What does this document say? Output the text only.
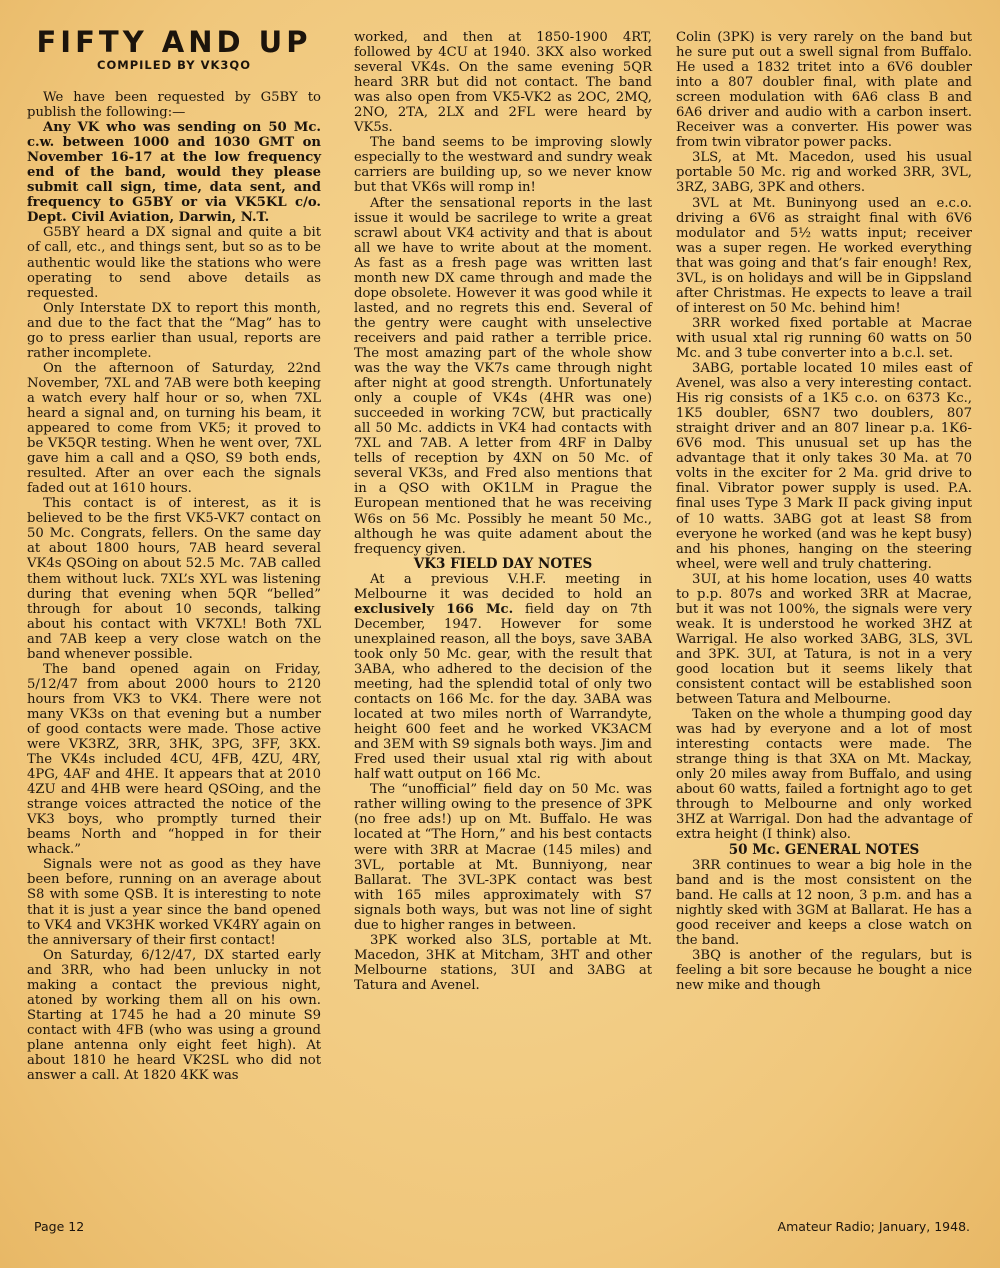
FIFTY AND UP
COMPILED BY VK3QO

We have been requested by G5BY to publish the following:—

Any VK who was sending on 50 Mc. c.w. between 1000 and 1030 GMT on November 16-17 at the low frequency end of the band, would they please submit call sign, time, data sent, and frequency to G5BY or via VK5KL c/o. Dept. Civil Aviation, Darwin, N.T.

G5BY heard a DX signal and quite a bit of call, etc., and things sent, but so as to be authentic would like the stations who were operating to send above details as requested.

Only Interstate DX to report this month, and due to the fact that the “Mag” has to go to press earlier than usual, reports are rather incomplete.

On the afternoon of Saturday, 22nd November, 7XL and 7AB were both keeping a watch every half hour or so, when 7XL heard a signal and, on turning his beam, it appeared to come from VK5; it proved to be VK5QR testing. When he went over, 7XL gave him a call and a QSO, S9 both ends, resulted. After an over each the signals faded out at 1610 hours.

This contact is of interest, as it is believed to be the first VK5-VK7 contact on 50 Mc. Congrats, fellers. On the same day at about 1800 hours, 7AB heard several VK4s QSOing on about 52.5 Mc. 7AB called them without luck. 7XL’s XYL was listening during that evening when 5QR “belled” through for about 10 seconds, talking about his contact with VK7XL! Both 7XL and 7AB keep a very close watch on the band whenever possible.

The band opened again on Friday, 5/12/47 from about 2000 hours to 2120 hours from VK3 to VK4. There were not many VK3s on that evening but a number of good contacts were made. Those active were VK3RZ, 3RR, 3HK, 3PG, 3FF, 3KX. The VK4s included 4CU, 4FB, 4ZU, 4RY, 4PG, 4AF and 4HE. It appears that at 2010 4ZU and 4HB were heard QSOing, and the strange voices attracted the notice of the VK3 boys, who promptly turned their beams North and “hopped in for their whack.”

Signals were not as good as they have been before, running on an average about S8 with some QSB. It is interesting to note that it is just a year since the band opened to VK4 and VK3HK worked VK4RY again on the anniversary of their first contact!

On Saturday, 6/12/47, DX started early and 3RR, who had been unlucky in not making a contact the previous night, atoned by working them all on his own. Starting at 1745 he had a 20 minute S9 contact with 4FB (who was using a ground plane antenna only eight feet high). At about 1810 he heard VK2SL who did not answer a call. At 1820 4KK was

worked, and then at 1850-1900 4RT, followed by 4CU at 1940. 3KX also worked several VK4s. On the same evening 5QR heard 3RR but did not contact. The band was also open from VK5-VK2 as 2OC, 2MQ, 2NO, 2TA, 2LX and 2FL were heard by VK5s.

The band seems to be improving slowly especially to the westward and sundry weak carriers are building up, so we never know but that VK6s will romp in!

After the sensational reports in the last issue it would be sacrilege to write a great scrawl about VK4 activity and that is about all we have to write about at the moment. As fast as a fresh page was written last month new DX came through and made the dope obsolete. However it was good while it lasted, and no regrets this end. Several of the gentry were caught with unselective receivers and paid rather a terrible price. The most amazing part of the whole show was the way the VK7s came through night after night at good strength. Unfortunately only a couple of VK4s (4HR was one) succeeded in working 7CW, but practically all 50 Mc. addicts in VK4 had contacts with 7XL and 7AB. A letter from 4RF in Dalby tells of reception by 4XN on 50 Mc. of several VK3s, and Fred also mentions that in a QSO with OK1LM in Prague the European mentioned that he was receiving W6s on 56 Mc. Possibly he meant 50 Mc., although he was quite adament about the frequency given.

VK3 FIELD DAY NOTES

At a previous V.H.F. meeting in Melbourne it was decided to hold an exclusively 166 Mc. field day on 7th December, 1947. However for some unexplained reason, all the boys, save 3ABA took only 50 Mc. gear, with the result that 3ABA, who adhered to the decision of the meeting, had the splendid total of only two contacts on 166 Mc. for the day. 3ABA was located at two miles north of Warrandyte, height 600 feet and he worked VK3ACM and 3EM with S9 signals both ways. Jim and Fred used their usual xtal rig with about half watt output on 166 Mc.

The “unofficial” field day on 50 Mc. was rather willing owing to the presence of 3PK (no free ads!) up on Mt. Buffalo. He was located at “The Horn,” and his best contacts were with 3RR at Macrae (145 miles) and 3VL, portable at Mt. Bunniyong, near Ballarat. The 3VL-3PK contact was best with 165 miles approximately with S7 signals both ways, but was not line of sight due to higher ranges in between.

3PK worked also 3LS, portable at Mt. Macedon, 3HK at Mitcham, 3HT and other Melbourne stations, 3UI and 3ABG at Tatura and Avenel.

Colin (3PK) is very rarely on the band but he sure put out a swell signal from Buffalo. He used a 1832 tritet into a 6V6 doubler into a 807 doubler final, with plate and screen modulation with 6A6 class B and 6A6 driver and audio with a carbon insert. Receiver was a converter. His power was from twin vibrator power packs.

3LS, at Mt. Macedon, used his usual portable 50 Mc. rig and worked 3RR, 3VL, 3RZ, 3ABG, 3PK and others.

3VL at Mt. Buninyong used an e.c.o. driving a 6V6 as straight final with 6V6 modulator and 5½ watts input; receiver was a super regen. He worked everything that was going and that’s fair enough! Rex, 3VL, is on holidays and will be in Gippsland after Christmas. He expects to leave a trail of interest on 50 Mc. behind him!

3RR worked fixed portable at Macrae with usual xtal rig running 60 watts on 50 Mc. and 3 tube converter into a b.c.l. set.

3ABG, portable located 10 miles east of Avenel, was also a very interesting contact. His rig consists of a 1K5 c.o. on 6373 Kc., 1K5 doubler, 6SN7 two doublers, 807 straight driver and an 807 linear p.a. 1K6-6V6 mod. This unusual set up has the advantage that it only takes 30 Ma. at 70 volts in the exciter for 2 Ma. grid drive to final. Vibrator power supply is used. P.A. final uses Type 3 Mark II pack giving input of 10 watts. 3ABG got at least S8 from everyone he worked (and was he kept busy) and his phones, hanging on the steering wheel, were well and truly chattering.

3UI, at his home location, uses 40 watts to p.p. 807s and worked 3RR at Macrae, but it was not 100%, the signals were very weak. It is understood he worked 3HZ at Warrigal. He also worked 3ABG, 3LS, 3VL and 3PK. 3UI, at Tatura, is not in a very good location but it seems likely that consistent contact will be established soon between Tatura and Melbourne.

Taken on the whole a thumping good day was had by everyone and a lot of most interesting contacts were made. The strange thing is that 3XA on Mt. Mackay, only 20 miles away from Buffalo, and using about 60 watts, failed a fortnight ago to get through to Melbourne and only worked 3HZ at Warrigal. Don had the advantage of extra height (I think) also.

50 Mc. GENERAL NOTES

3RR continues to wear a big hole in the band and is the most consistent on the band. He calls at 12 noon, 3 p.m. and has a nightly sked with 3GM at Ballarat. He has a good receiver and keeps a close watch on the band.

3BQ is another of the regulars, but is feeling a bit sore because he bought a nice new mike and though

Page 12	Amateur Radio; January, 1948.
